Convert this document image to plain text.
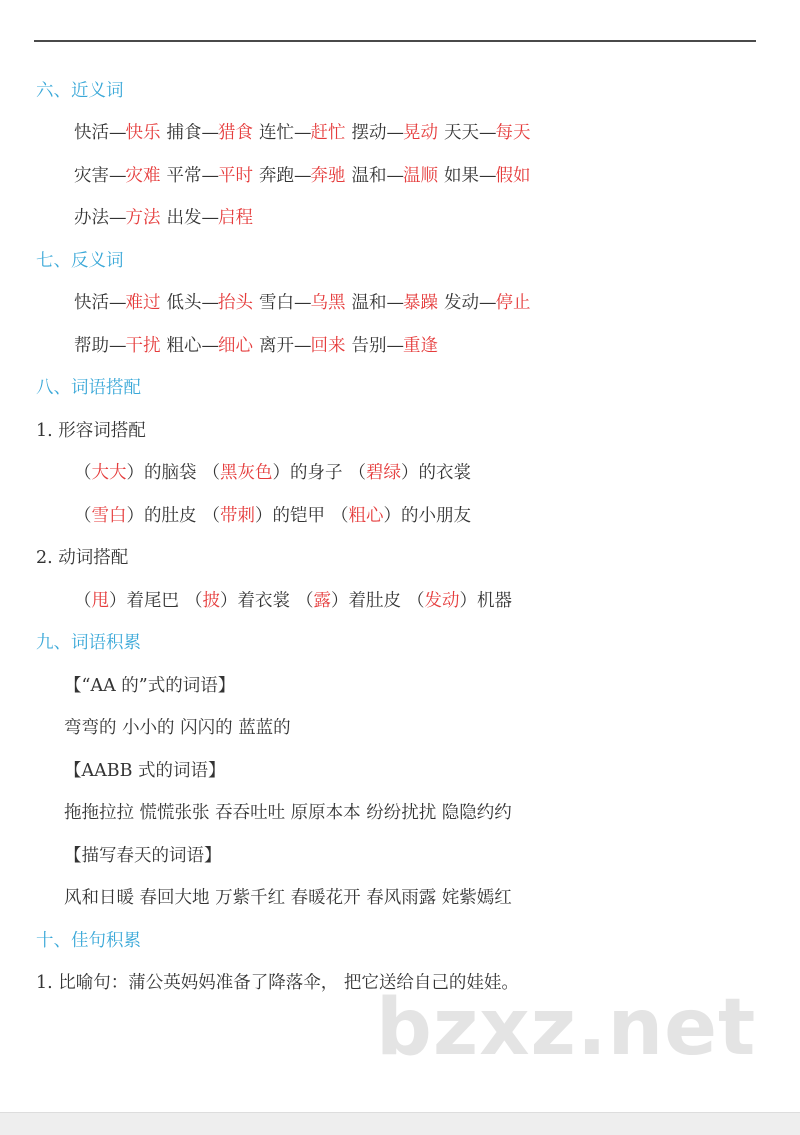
六、近义词
快活—快乐 捕食—猎食 连忙—赶忙 摆动—晃动 天天—每天
灾害—灾难 平常—平时 奔跑—奔驰 温和—温顺 如果—假如
办法—方法 出发—启程
七、反义词
快活—难过 低头—抬头 雪白—乌黑 温和—暴躁 发动—停止
帮助—干扰 粗心—细心 离开—回来 告别—重逢
八、词语搭配
1. 形容词搭配
（大大）的脑袋 （黑灰色）的身子 （碧绿）的衣裳
（雪白）的肚皮 （带刺）的铠甲 （粗心）的小朋友
2. 动词搭配
（甩）着尾巴 （披）着衣裳 （露）着肚皮 （发动）机器
九、词语积累
【“AA 的”式的词语】
弯弯的 小小的 闪闪的 蓝蓝的
【AABB 式的词语】
拖拖拉拉 慌慌张张 吞吞吐吐 原原本本 纷纷扰扰 隐隐约约
【描写春天的词语】
风和日暖 春回大地 万紫千红 春暖花开 春风雨露 姹紫嫣红
十、佳句积累
1. 比喻句：蒲公英妈妈准备了降落伞， 把它送给自己的娃娃。
bzxz.net
